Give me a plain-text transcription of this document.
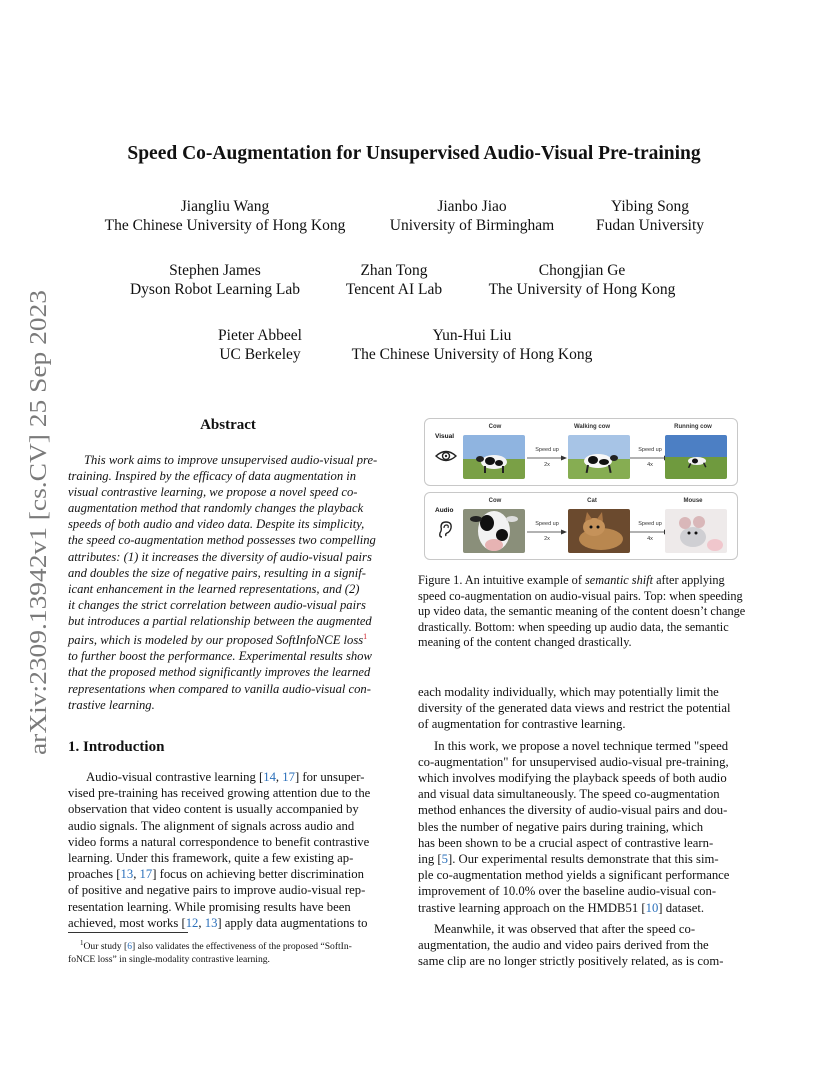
arXiv:2309.13942v1 [cs.CV] 25 Sep 2023
Speed Co-Augmentation for Unsupervised Audio-Visual Pre-training
Jiangliu Wang
The Chinese University of Hong Kong
Jianbo Jiao
University of Birmingham
Yibing Song
Fudan University
Stephen James
Dyson Robot Learning Lab
Zhan Tong
Tencent AI Lab
Chongjian Ge
The University of Hong Kong
Pieter Abbeel
UC Berkeley
Yun-Hui Liu
The Chinese University of Hong Kong
Abstract
This work aims to improve unsupervised audio-visual pre-
training. Inspired by the efficacy of data augmentation in
visual contrastive learning, we propose a novel speed co-
augmentation method that randomly changes the playback
speeds of both audio and video data. Despite its simplicity,
the speed co-augmentation method possesses two compelling
attributes: (1) it increases the diversity of audio-visual pairs
and doubles the size of negative pairs, resulting in a signif-
icant enhancement in the learned representations, and (2)
it changes the strict correlation between audio-visual pairs
but introduces a partial relationship between the augmented
pairs, which is modeled by our proposed SoftInfoNCE loss$^1$
to further boost the performance. Experimental results show
that the proposed method significantly improves the learned
representations when compared to vanilla audio-visual con-
trastive learning.
1. Introduction
Audio-visual contrastive learning [14, 17] for unsuper-
vised pre-training has received growing attention due to the
observation that video content is usually accompanied by
audio signals. The alignment of signals across audio and
video forms a natural correspondence to benefit contrastive
learning. Under this framework, quite a few existing ap-
proaches [13, 17] focus on achieving better discrimination
of positive and negative pairs to improve audio-visual rep-
resentation learning. While promising results have been
achieved, most works [12, 13] apply data augmentations to
$^1$Our study [6] also validates the effectiveness of the proposed “SoftIn-
foNCE loss” in single-modality contrastive learning.
Cow	Walking cow	Running cow
Visual
Speed up
2x
Speed up
4x
Cow	Cat	Mouse
Audio
Speed up
2x
Speed up
4x
Figure 1. An intuitive example of semantic shift after applying
speed co-augmentation on audio-visual pairs. Top: when speeding
up video data, the semantic meaning of the content doesn’t change
drastically. Bottom: when speeding up audio data, the semantic
meaning of the content changed drastically.
each modality individually, which may potentially limit the
diversity of the generated data views and restrict the potential
of augmentation for contrastive learning.
In this work, we propose a novel technique termed "speed
co-augmentation" for unsupervised audio-visual pre-training,
which involves modifying the playback speeds of both audio
and visual data simultaneously. The speed co-augmentation
method enhances the diversity of audio-visual pairs and dou-
bles the number of negative pairs during training, which
has been shown to be a crucial aspect of contrastive learn-
ing [5]. Our experimental results demonstrate that this sim-
ple co-augmentation method yields a significant performance
improvement of 10.0% over the baseline audio-visual con-
trastive learning approach on the HMDB51 [10] dataset.
Meanwhile, it was observed that after the speed co-
augmentation, the audio and video pairs derived from the
same clip are no longer strictly positively related, as is com-
